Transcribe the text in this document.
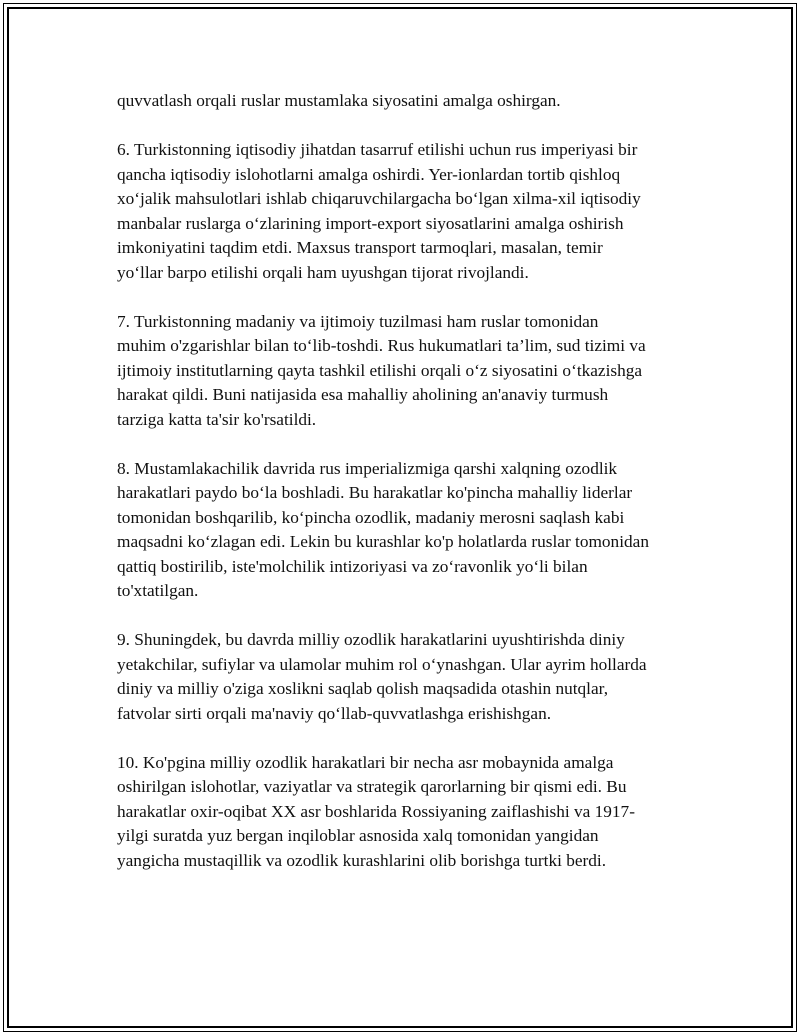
quvvatlash orqali ruslar mustamlaka siyosatini amalga oshirgan.

6. Turkistonning iqtisodiy jihatdan tasarruf etilishi uchun rus imperiyasi bir
qancha iqtisodiy islohotlarni amalga oshirdi. Yer-ionlardan tortib qishloq
xo‘jalik mahsulotlari ishlab chiqaruvchilargacha bo‘lgan xilma-xil iqtisodiy
manbalar ruslarga o‘zlarining import-export siyosatlarini amalga oshirish
imkoniyatini taqdim etdi. Maxsus transport tarmoqlari, masalan, temir
yo‘llar barpo etilishi orqali ham uyushgan tijorat rivojlandi.

7. Turkistonning madaniy va ijtimoiy tuzilmasi ham ruslar tomonidan
muhim o'zgarishlar bilan to‘lib-toshdi. Rus hukumatlari ta’lim, sud tizimi va
ijtimoiy institutlarning qayta tashkil etilishi orqali o‘z siyosatini o‘tkazishga
harakat qildi. Buni natijasida esa mahalliy aholining an'anaviy turmush
tarziga katta ta'sir ko'rsatildi.

8. Mustamlakachilik davrida rus imperializmiga qarshi xalqning ozodlik
harakatlari paydo bo‘la boshladi. Bu harakatlar ko'pincha mahalliy liderlar
tomonidan boshqarilib, ko‘pincha ozodlik, madaniy merosni saqlash kabi
maqsadni ko‘zlagan edi. Lekin bu kurashlar ko'p holatlarda ruslar tomonidan
qattiq bostirilib, iste'molchilik intizoriyasi va zo‘ravonlik yo‘li bilan
to'xtatilgan.

9. Shuningdek, bu davrda milliy ozodlik harakatlarini uyushtirishda diniy
yetakchilar, sufiylar va ulamolar muhim rol o‘ynashgan. Ular ayrim hollarda
diniy va milliy o'ziga xoslikni saqlab qolish maqsadida otashin nutqlar,
fatvolar sirti orqali ma'naviy qo‘llab-quvvatlashga erishishgan.

10. Ko'pgina milliy ozodlik harakatlari bir necha asr mobaynida amalga
oshirilgan islohotlar, vaziyatlar va strategik qarorlarning bir qismi edi. Bu
harakatlar oxir-oqibat XX asr boshlarida Rossiyaning zaiflashishi va 1917-
yilgi suratda yuz bergan inqiloblar asnosida xalq tomonidan yangidan
yangicha mustaqillik va ozodlik kurashlarini olib borishga turtki berdi.
